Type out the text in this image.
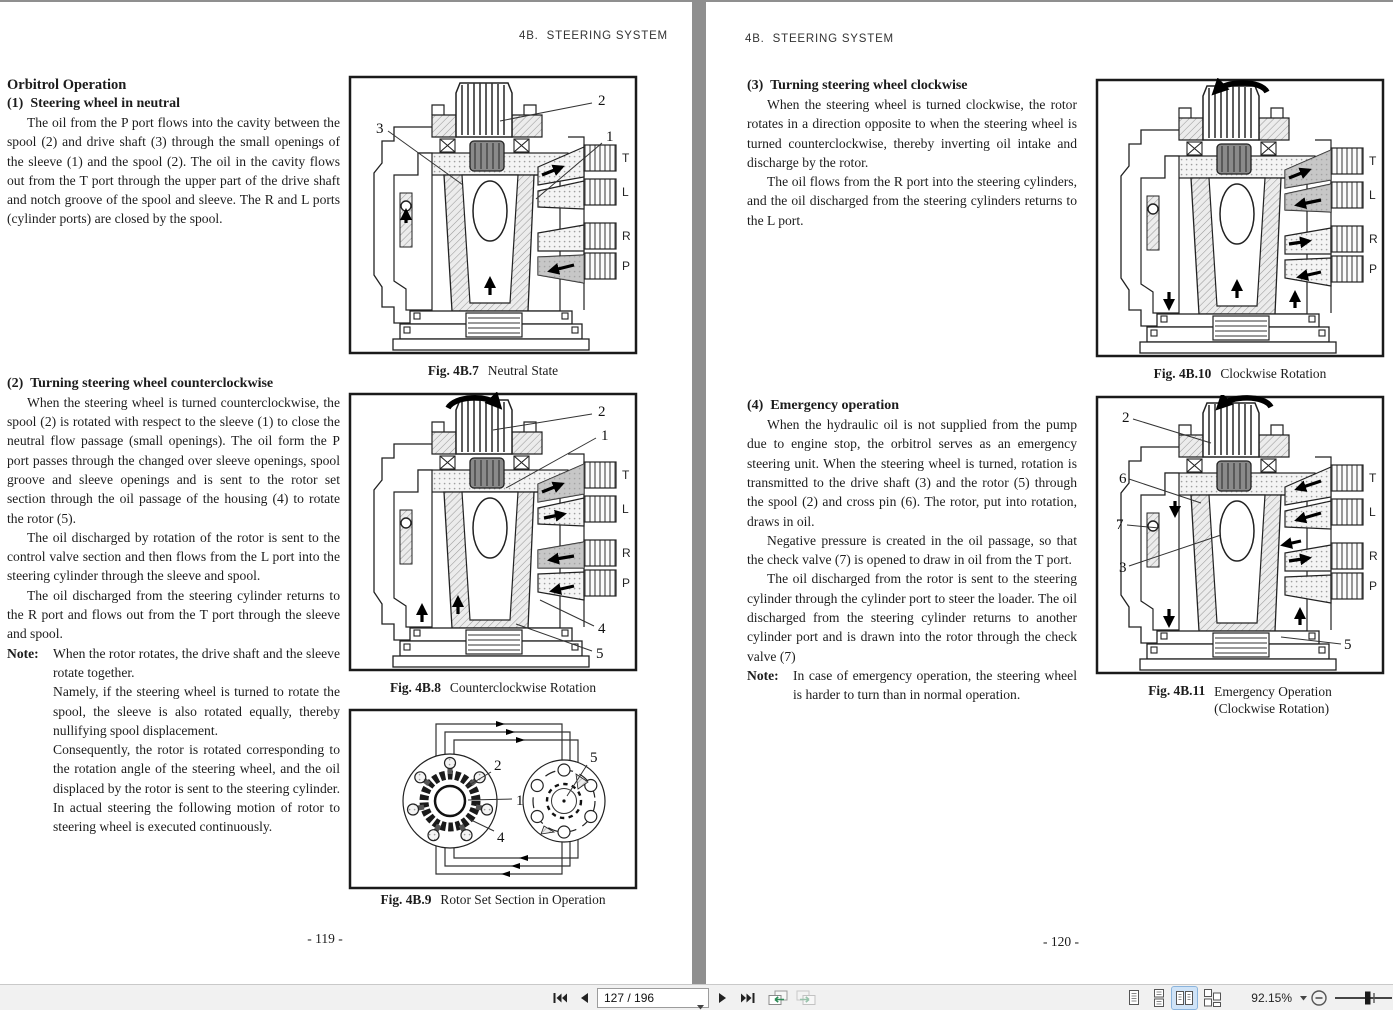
4B.  STEERING SYSTEM
Orbitrol Operation
(1)  Steering wheel in neutral

The oil from the P port flows into the cavity between the spool (2) and drive shaft (3) through the small openings of the sleeve (1) and the spool (2). The oil in the cavity flows out from the T port through the upper part of the drive shaft and notch groove of the spool and sleeve. The R and L ports (cylinder ports) are closed by the spool.

(2)  Turning steering wheel counterclockwise

When the steering wheel is turned counterclockwise, the spool (2) is rotated with respect to the sleeve (1) to close the neutral flow passage (small openings). The oil form the P port passes through the changed over sleeve openings, spool groove and sleeve openings and is sent to the rotor set section through the oil passage of the housing (4) to rotate the rotor (5).

The oil discharged by rotation of the rotor is sent to the control valve section and then flows from the L port into the steering cylinder through the sleeve and spool.

The oil discharged from the steering cylinder returns to the R port and flows out from the T port through the sleeve and spool.

Note:	When the rotor rotates, the drive shaft and the sleeve rotate together.

Namely, if the steering wheel is turned to rotate the spool, the sleeve is also rotated equally, thereby nullifying spool displacement.

Consequently, the rotor is rotated corresponding to the rotation angle of the steering wheel, and the oil displaced by the rotor is sent to the steering cylinder. In actual steering the following motion of rotor to steering wheel is executed continuously.

2
3	1
T
L
R
P
Fig. 4B.7 Neutral State
2
1
4
5
T
L
R
P
Fig. 4B.8 Counterclockwise Rotation
2
1
4
5
Fig. 4B.9 Rotor Set Section in Operation
- 119 -
4B.  STEERING SYSTEM
(3)  Turning steering wheel clockwise

When the steering wheel is turned clockwise, the rotor rotates in a direction opposite to when the steering wheel is turned counterclockwise, thereby inverting oil intake and discharge by the rotor.

The oil flows from the R port into the steering cylinders, and the oil discharged from the steering cylinders returns to the L port.

(4)  Emergency operation

When the hydraulic oil is not supplied from the pump due to engine stop, the orbitrol serves as an emergency steering unit. When the steering wheel is turned, rotation is transmitted to the drive shaft (3) and the rotor (5) through the spool (2) and cross pin (6). The rotor, put into rotation, draws in oil.

Negative pressure is created in the oil passage, so that the check valve (7) is opened to draw in oil from the T port.

The oil discharged from the rotor is sent to the steering cylinder through the cylinder port to steer the loader. The oil discharged from the steering cylinder returns to another cylinder port and is drawn into the rotor through the check valve (7)

Note:	In case of emergency operation, the steering wheel is harder to turn than in normal operation.

T
L
R
P
Fig. 4B.10 Clockwise Rotation
2
6
7
3
5
T
L
R
P
Fig. 4B.11 Emergency Operation
(Clockwise Rotation)
- 120 -
127 / 196
92.15%
